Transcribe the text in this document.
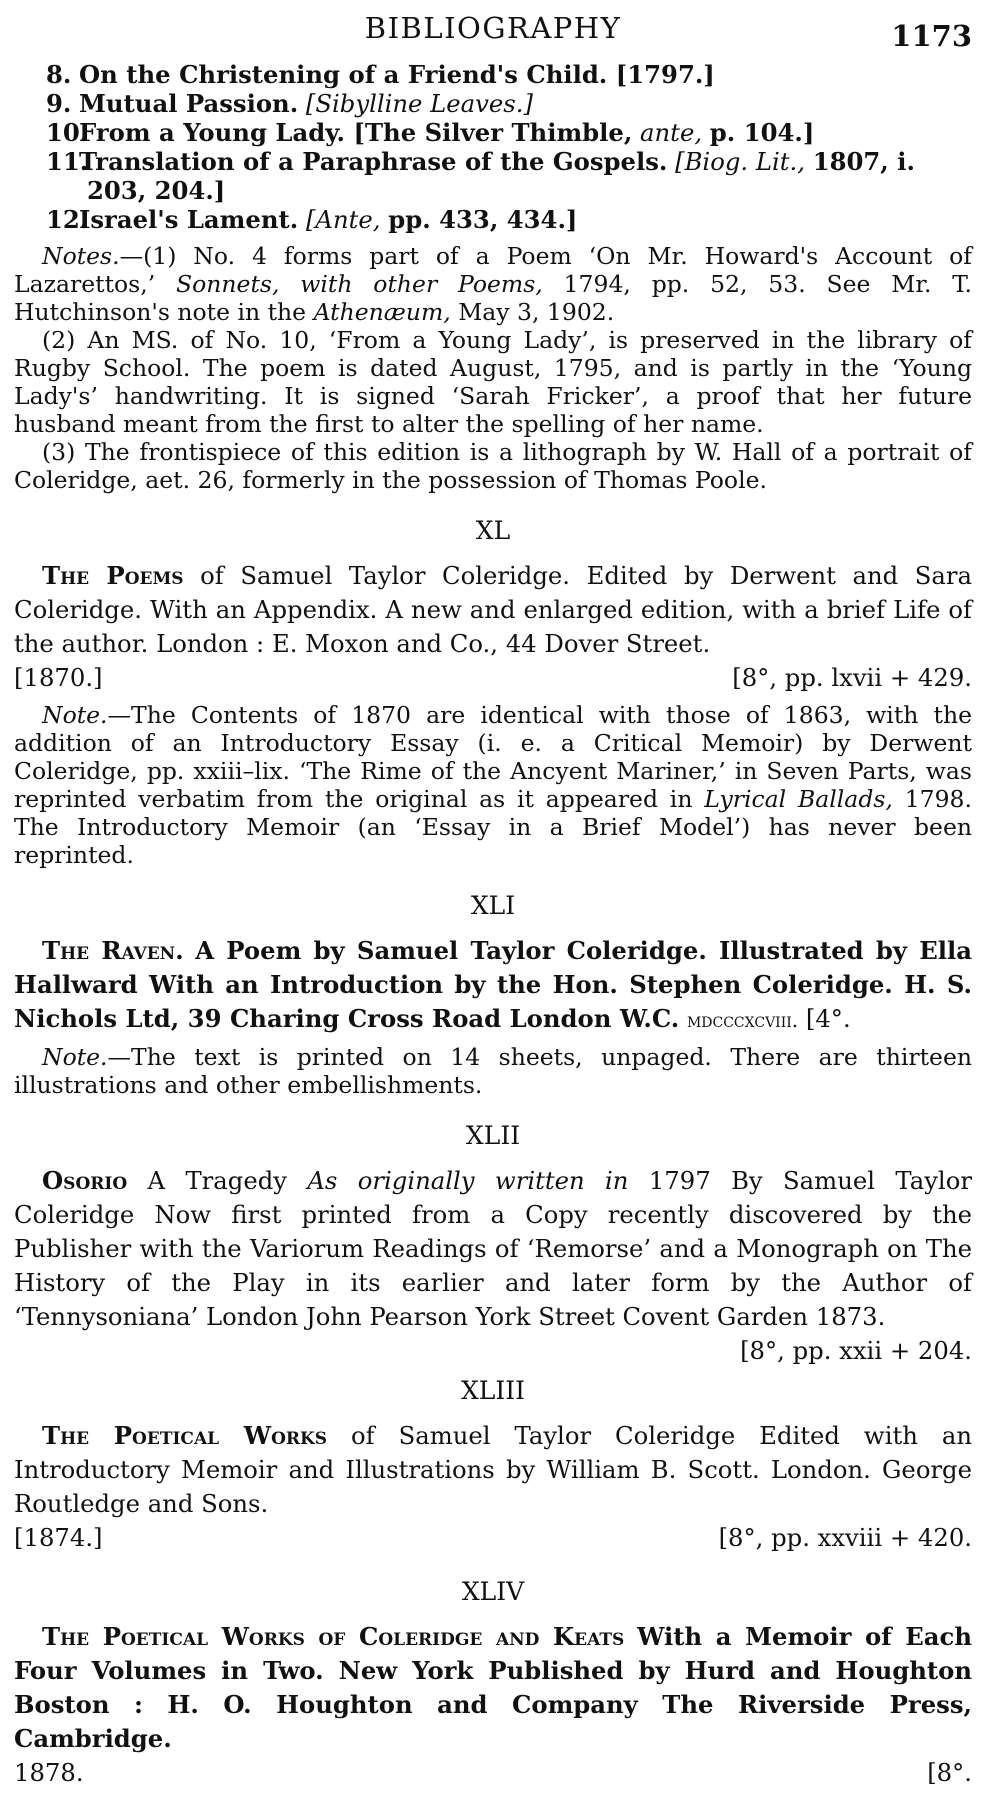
BIBLIOGRAPHY	1173

8. On the Christening of a Friend's Child. [1797.]

9. Mutual Passion. [Sibylline Leaves.]

10.From a Young Lady. [The Silver Thimble, ante, p. 104.]

11.Translation of a Paraphrase of the Gospels. [Biog. Lit., 1807, i. 203, 204.]

12.Israel's Lament. [Ante, pp. 433, 434.]

Notes.—(1) No. 4 forms part of a Poem ‘On Mr. Howard's Account of Lazarettos,’ Sonnets, with other Poems, 1794, pp. 52, 53. See Mr. T. Hutchinson's note in the Athenæum, May 3, 1902.

(2) An MS. of No. 10, ‘From a Young Lady’, is preserved in the library of Rugby School. The poem is dated August, 1795, and is partly in the ‘Young Lady's’ handwriting. It is signed ‘Sarah Fricker’, a proof that her future husband meant from the first to alter the spelling of her name.

(3) The frontispiece of this edition is a lithograph by W. Hall of a portrait of Coleridge, aet. 26, formerly in the possession of Thomas Poole.

XL

The Poems of Samuel Taylor Coleridge. Edited by Derwent and Sara Coleridge. With an Appendix. A new and enlarged edition, with a brief Life of the author. London : E. Moxon and Co., 44 Dover Street.

[1870.]	[8°, pp. lxvii + 429.

Note.—The Contents of 1870 are identical with those of 1863, with the addition of an Introductory Essay (i. e. a Critical Memoir) by Derwent Coleridge, pp. xxiii–lix. ‘The Rime of the Ancyent Mariner,’ in Seven Parts, was reprinted verbatim from the original as it appeared in Lyrical Ballads, 1798. The Introductory Memoir (an ‘Essay in a Brief Model’) has never been reprinted.

XLI

The Raven. A Poem by Samuel Taylor Coleridge. Illustrated by Ella Hallward With an Introduction by the Hon. Stephen Coleridge. H. S. Nichols Ltd, 39 Charing Cross Road London W.C. mdcccxcviii. [4°.

Note.—The text is printed on 14 sheets, unpaged. There are thirteen illustrations and other embellishments.

XLII

Osorio A Tragedy As originally written in 1797 By Samuel Taylor Coleridge Now first printed from a Copy recently discovered by the Publisher with the Variorum Readings of ‘Remorse’ and a Monograph on The History of the Play in its earlier and later form by the Author of ‘Tennysoniana’ London John Pearson York Street Covent Garden 1873.

[8°, pp. xxii + 204.
XLIII

The Poetical Works of Samuel Taylor Coleridge Edited with an Introductory Memoir and Illustrations by William B. Scott. London. George Routledge and Sons.

[1874.]	[8°, pp. xxviii + 420.
XLIV

The Poetical Works of Coleridge and Keats With a Memoir of Each Four Volumes in Two. New York Published by Hurd and Houghton Boston : H. O. Houghton and Company The Riverside Press, Cambridge.

1878.	[8°.
